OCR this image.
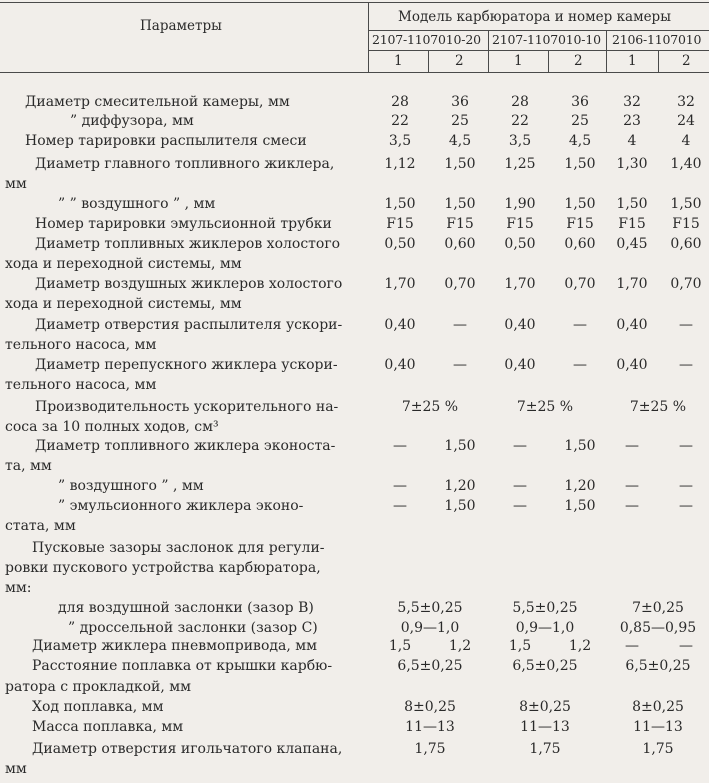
Параметры
Модель карбюратора и номер камеры
2107-1107010-20 2107-1107010-10 2106-1107010
1	2	1	2	1	2
Диаметр смесительной камеры, мм	28	36	28	36	32	32
” диффузора, мм	22	25	22	25	23	24
Номер тарировки распылителя смеси	3,5	4,5	3,5	4,5	4	4
Диаметр главного топливного жиклера,	1,12	1,50	1,25	1,50	1,30	1,40
мм
” ” воздушного ” , мм	1,50	1,50	1,90	1,50	1,50	1,50
Номер тарировки эмульсионной трубки	F15	F15	F15	F15	F15	F15
Диаметр топливных жиклеров холостого	0,50	0,60	0,50	0,60	0,45	0,60
хода и переходной системы, мм
Диаметр воздушных жиклеров холостого	1,70	0,70	1,70	0,70	1,70	0,70
хода и переходной системы, мм
Диаметр отверстия распылителя ускори-	0,40	—	0,40	—	0,40	—
тельного насоса, мм
Диаметр перепускного жиклера ускори-	0,40	—	0,40	—	0,40	—
тельного насоса, мм
Производительность ускорительного на-	7±25 %	7±25 %	7±25 %
соса за 10 полных ходов, см³
Диаметр топливного жиклера эконоста-	—	1,50	—	1,50	—	—
та, мм
” воздушного ” , мм	—	1,20	—	1,20	—	—
” эмульсионного жиклера эконо-	—	1,50	—	1,50	—	—
стата, мм
Пусковые зазоры заслонок для регули-
ровки пускового устройства карбюратора,
мм:
для воздушной заслонки (зазор B)	5,5±0,25	5,5±0,25	7±0,25
” дроссельной заслонки (зазор C)	0,9—1,0	0,9—1,0	0,85—0,95
Диаметр жиклера пневмопривода, мм	1,5	1,2	1,5	1,2	—	—
Расстояние поплавка от крышки карбю-	6,5±0,25	6,5±0,25	6,5±0,25
ратора с прокладкой, мм
Ход поплавка, мм	8±0,25	8±0,25	8±0,25
Масса поплавка, мм	11—13	11—13	11—13
Диаметр отверстия игольчатого клапана,	1,75	1,75	1,75
мм
